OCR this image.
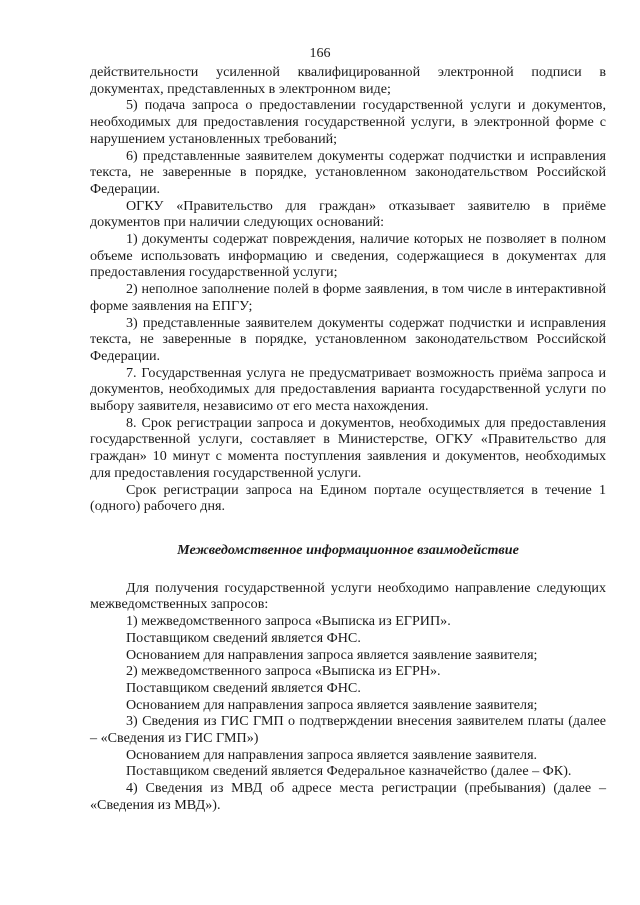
166

действительности усиленной квалифицированной электронной подписи в документах, представленных в электронном виде;

5) подача запроса о предоставлении государственной услуги и документов, необходимых для предоставления государственной услуги, в электронной форме с нарушением установленных требований;

6) представленные заявителем документы содержат подчистки и исправления текста, не заверенные в порядке, установленном законодательством Российской Федерации.

ОГКУ «Правительство для граждан» отказывает заявителю в приёме документов при наличии следующих оснований:

1) документы содержат повреждения, наличие которых не позволяет в полном объеме использовать информацию и сведения, содержащиеся в документах для предоставления государственной услуги;

2) неполное заполнение полей в форме заявления, в том числе в интерактивной форме заявления на ЕПГУ;

3) представленные заявителем документы содержат подчистки и исправления текста, не заверенные в порядке, установленном законодательством Российской Федерации.

7. Государственная услуга не предусматривает возможность приёма запроса и документов, необходимых для предоставления варианта государственной услуги по выбору заявителя, независимо от его места нахождения.

8. Срок регистрации запроса и документов, необходимых для предоставления государственной услуги, составляет в Министерстве, ОГКУ «Правительство для граждан» 10 минут с момента поступления заявления и документов, необходимых для предоставления государственной услуги.

Срок регистрации запроса на Едином портале осуществляется в течение 1 (одного) рабочего дня.

Межведомственное информационное взаимодействие

Для получения государственной услуги необходимо направление следующих межведомственных запросов:

1) межведомственного запроса «Выписка из ЕГРИП».

Поставщиком сведений является ФНС.

Основанием для направления запроса является заявление заявителя;

2) межведомственного запроса «Выписка из ЕГРН».

Поставщиком сведений является ФНС.

Основанием для направления запроса является заявление заявителя;

3) Сведения из ГИС ГМП о подтверждении внесения заявителем платы (далее – «Сведения из ГИС ГМП»)

Основанием для направления запроса является заявление заявителя.

Поставщиком сведений является Федеральное казначейство (далее – ФК).

4) Сведения из МВД об адресе места регистрации (пребывания) (далее – «Сведения из МВД»).
